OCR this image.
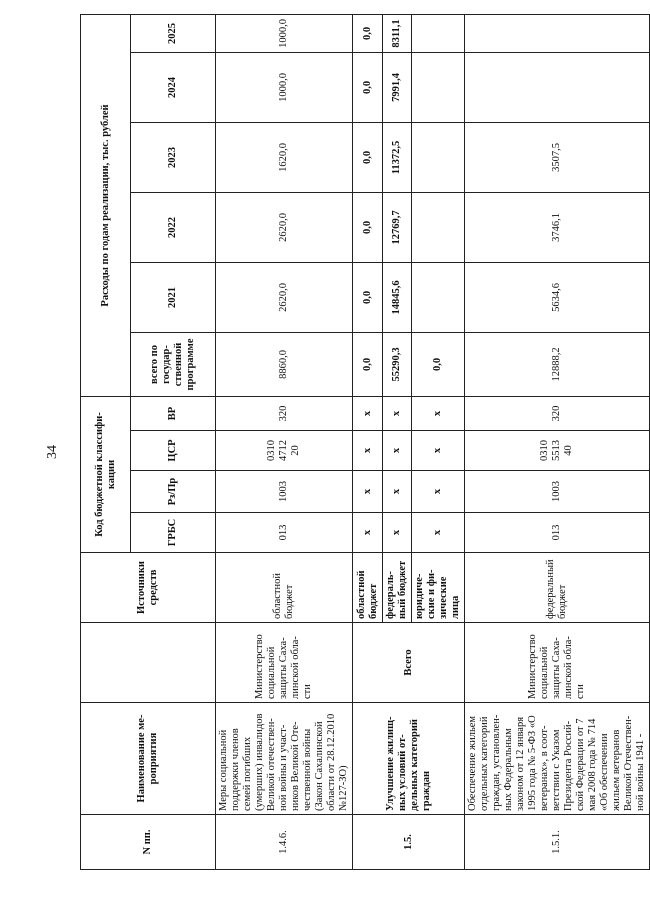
34
N пп.	Наименование ме-роприятия		Источники средств	Код бюджетной классифи-кации				Расходы по годам реализации, тыс. рублей					
				ГРБС	Рз/Пр	ЦСР	ВР	всего по государ-ственной программе	2021	2022	2023	2024	2025
1.4.6.	Меры социальной поддержки членов семей погибших (умерших) инвалидов Великой отечествен-ной войны и участ-ников Великой Оте-чественной войны (Закон Сахалинской области от 28.12.2010 №127-ЗО)	Министерство социальной защиты Саха-линской обла-сти	областной бюджет	013	1003	0310 4712 20	320	8860,0	2620,0	2620,0	1620,0	1000,0	1000,0
1.5.	Улучшение жилищ-ных условий от-дельных категорий граждан	Всего	областной бюджет	x	x	x	x	0,0	0,0	0,0	0,0	0,0	0,0
			федераль-ный бюджет	x	x	x	x	55290,3	14845,6	12769,7	11372,5	7991,4	8311,1
			юридиче-ские и фи-зические лица	x	x	x	x	0,0					
1.5.1.	Обеспечение жильем отдельных категорий граждан, установлен-ных Федеральным законом от 12 января 1995 года № 5-ФЗ «О ветеранах», в соот-ветствии с Указом Президента Россий-ской Федерации от 7 мая 2008 года № 714 «Об обеспечении жильем ветеранов Великой Отечествен-ной войны 1941 -	Министерство социальной защиты Саха-линской обла-сти	федеральный бюджет	013	1003	0310 5513 40	320	12888,2	5634,6	3746,1	3507,5		
